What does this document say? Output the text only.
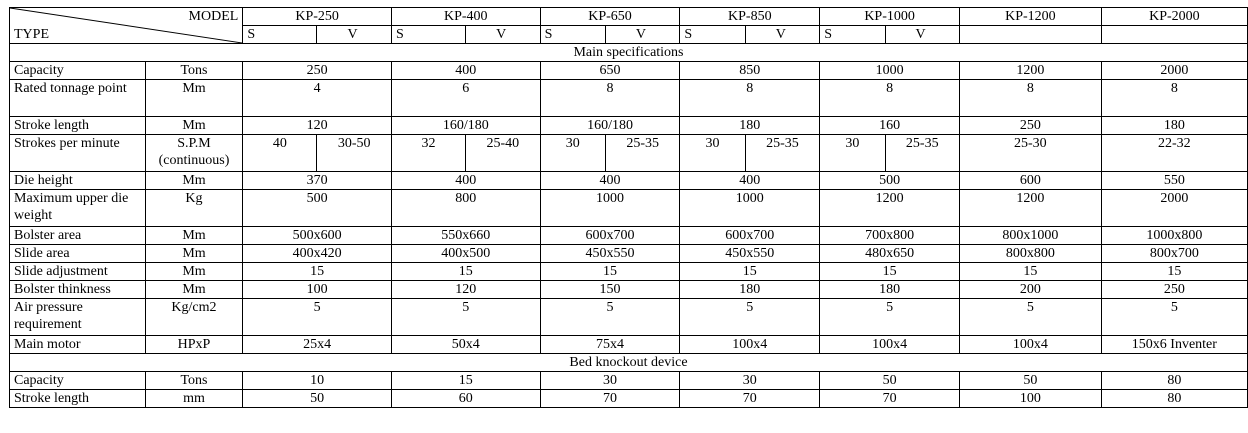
MODEL
TYPE		KP-250		KP-400		KP-650		KP-850		KP-1000		KP-1200	KP-2000
		S	V	S	V	S	V	S	V	S	V		
Main specifications													
Capacity	Tons	250		400		650		850		1000		1200	2000
Rated tonnage point	Mm	4		6		8		8		8		8	8
Stroke length	Mm	120		160/180		160/180		180		160		250	180
Strokes per minute	S.P.M (continuous)	40	30-50	32	25-40	30	25-35	30	25-35	30	25-35	25-30	22-32
Die height	Mm	370		400		400		400		500		600	550
Maximum upper die weight	Kg	500		800		1000		1000		1200		1200	2000
Bolster area	Mm	500x600		550x660		600x700		600x700		700x800		800x1000	1000x800
Slide area	Mm	400x420		400x500		450x550		450x550		480x650		800x800	800x700
Slide adjustment	Mm	15		15		15		15		15		15	15
Bolster thinkness	Mm	100		120		150		180		180		200	250
Air pressure requirement	Kg/cm2	5		5		5		5		5		5	5
Main motor	HPxP	25x4		50x4		75x4		100x4		100x4		100x4	150x6 Inventer
Bed knockout device													
Capacity	Tons	10		15		30		30		50		50	80
Stroke length	mm	50		60		70		70		70		100	80
